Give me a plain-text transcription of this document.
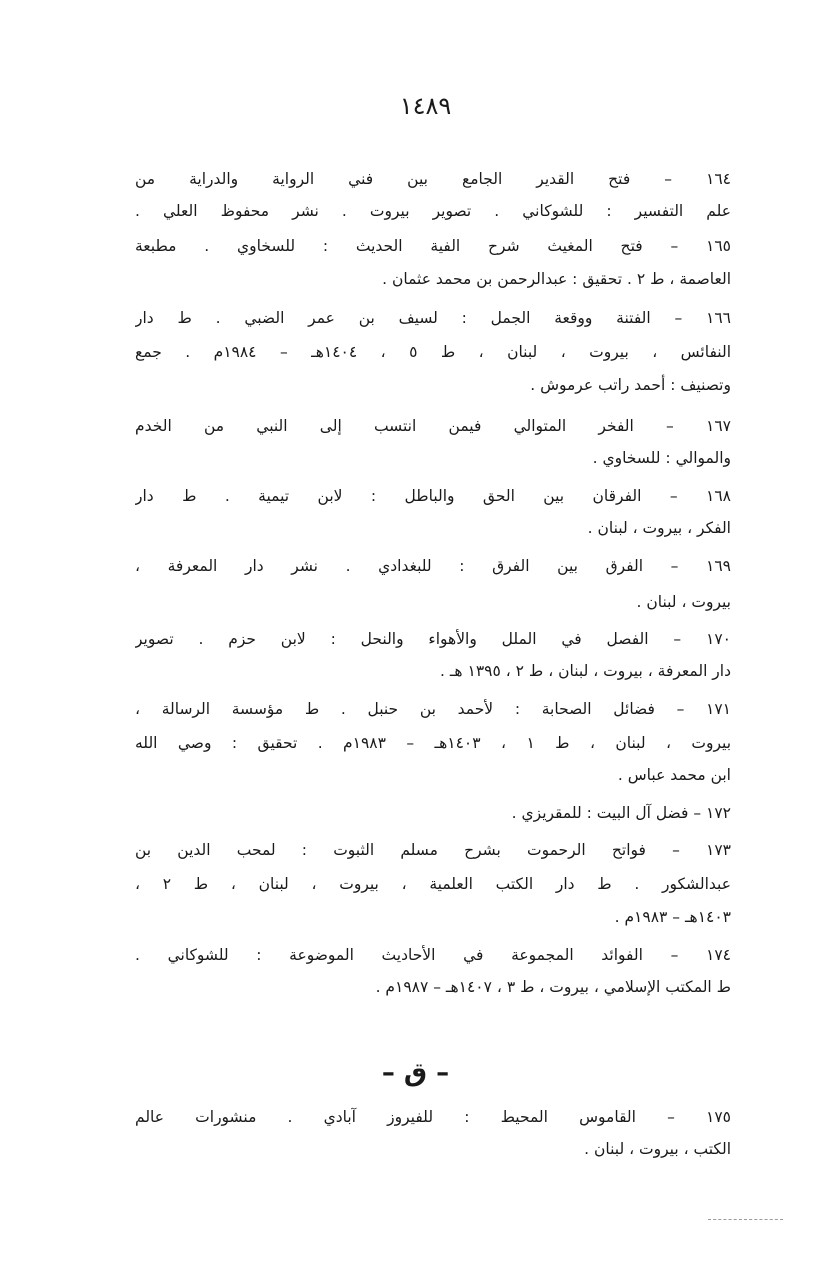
١٤٨٩
١٦٤ – فتح القدير الجامع بين فني الرواية والدراية من
علم التفسير : للشوكاني . تصوير بيروت . نشر محفوظ العلي .
١٦٥ – فتح المغيث شرح الفية الحديث : للسخاوي . مطبعة
العاصمة ، ط ٢ . تحقيق : عبدالرحمن بن محمد عثمان .
١٦٦ – الفتنة ووقعة الجمل : لسيف بن عمر الضبي . ط دار
النفائس ، بيروت ، لبنان ، ط ٥ ، ١٤٠٤هـ – ١٩٨٤م . جمع
وتصنيف : أحمد راتب عرموش .
١٦٧ – الفخر المتوالي فيمن انتسب إلى النبي من الخدم
والموالي : للسخاوي .
١٦٨ – الفرقان بين الحق والباطل : لابن تيمية . ط دار
الفكر ، بيروت ، لبنان .
١٦٩ – الفرق بين الفرق : للبغدادي . نشر دار المعرفة ،
بيروت ، لبنان .
١٧٠ – الفصل في الملل والأهواء والنحل : لابن حزم . تصوير
دار المعرفة ، بيروت ، لبنان ، ط ٢ ، ١٣٩٥ هـ .
١٧١ – فضائل الصحابة : لأحمد بن حنبل . ط مؤسسة الرسالة ،
بيروت ، لبنان ، ط ١ ، ١٤٠٣هـ – ١٩٨٣م . تحقيق : وصي الله
ابن محمد عباس .
١٧٢ – فضل آل البيت : للمقريزي .
١٧٣ – فواتح الرحموت بشرح مسلم الثبوت : لمحب الدين بن
عبدالشكور . ط دار الكتب العلمية ، بيروت ، لبنان ، ط ٢ ،
١٤٠٣هـ – ١٩٨٣م .
١٧٤ – الفوائد المجموعة في الأحاديث الموضوعة : للشوكاني .
ط المكتب الإسلامي ، بيروت ، ط ٣ ، ١٤٠٧هـ – ١٩٨٧م .
– ق –
١٧٥ – القاموس المحيط : للفيروز آبادي . منشورات عالم
الكتب ، بيروت ، لبنان .
